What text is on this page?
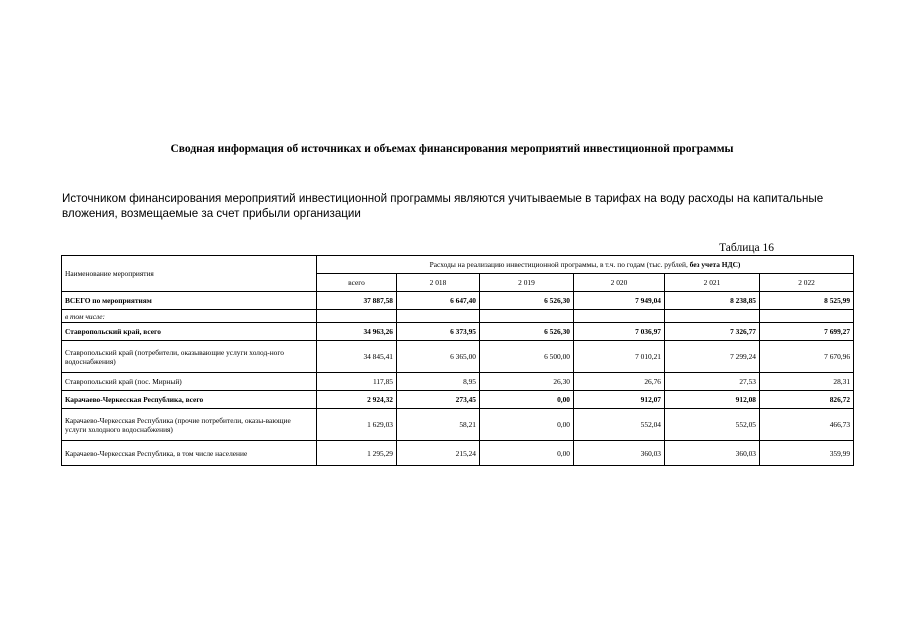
Сводная информация об источниках и объемах финансирования мероприятий инвестиционной программы
Источником финансирования мероприятий инвестиционной программы являются учитываемые в тарифах на воду расходы на капитальные вложения, возмещаемые за счет прибыли организации
Таблица 16
Наименование мероприятия	Расходы на реализацию инвестиционной программы, в т.ч. по годам (тыс. рублей, без учета НДС)					
	всего	2 018	2 019	2 020	2 021	2 022
ВСЕГО по мероприятиям	37 887,58	6 647,40	6 526,30	7 949,04	8 238,85	8 525,99
в том числе:						
Ставропольский край, всего	34 963,26	6 373,95	6 526,30	7 036,97	7 326,77	7 699,27
Ставропольский край (потребители, оказывающие услуги холод-ного водоснабжения)	34 845,41	6 365,00	6 500,00	7 010,21	7 299,24	7 670,96
Ставропольский край (пос. Мирный)	117,85	8,95	26,30	26,76	27,53	28,31
Карачаево-Черкесская Республика, всего	2 924,32	273,45	0,00	912,07	912,08	826,72
Карачаево-Черкесская Республика (прочие потребители, оказы-вающие услуги холодного водоснабжения)	1 629,03	58,21	0,00	552,04	552,05	466,73
Карачаево-Черкесская Республика, в том числе население	1 295,29	215,24	0,00	360,03	360,03	359,99
